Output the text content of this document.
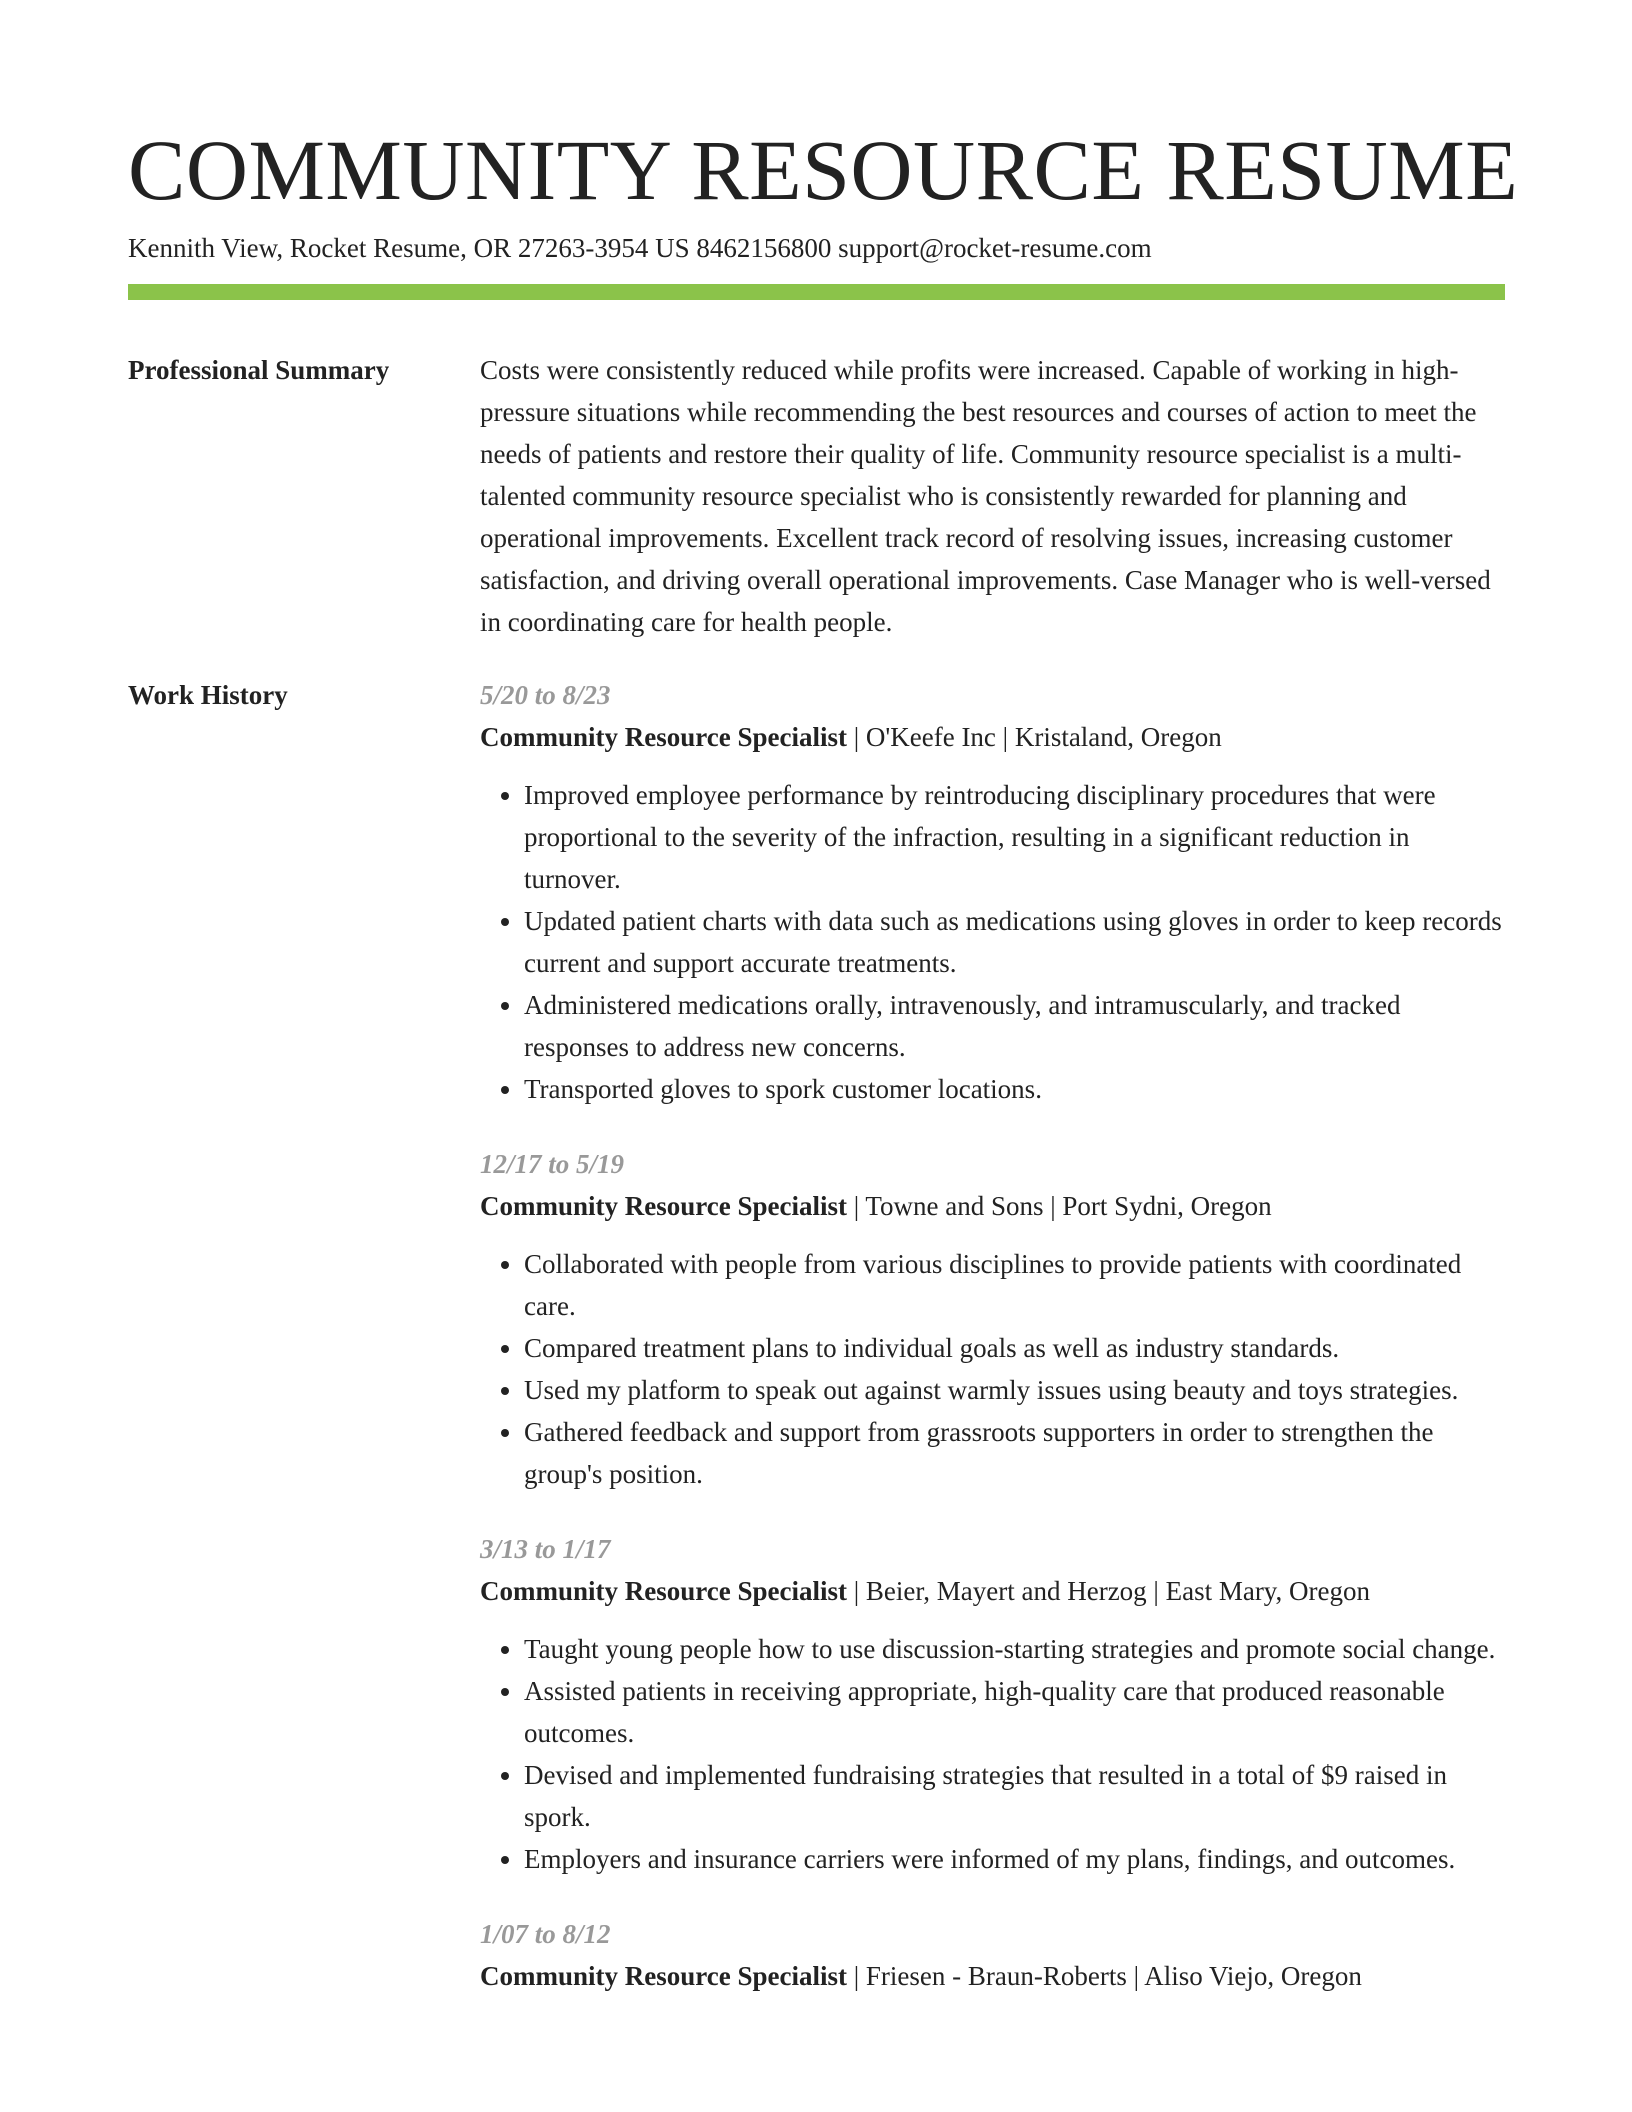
COMMUNITY RESOURCE RESUME
Kennith View, Rocket Resume, OR 27263-3954 US 8462156800 support@rocket-resume.com
Professional Summary	Costs were consistently reduced while profits were increased. Capable of working in high-pressure situations while recommending the best resources and courses of action to meet the needs of patients and restore their quality of life. Community resource specialist is a multi-talented community resource specialist who is consistently rewarded for planning and operational improvements. Excellent track record of resolving issues, increasing customer satisfaction, and driving overall operational improvements. Case Manager who is well-versed in coordinating care for health people.

Work History	5/20 to 8/23
Community Resource Specialist | O'Keefe Inc | Kristaland, Oregon
• Improved employee performance by reintroducing disciplinary procedures that were proportional to the severity of the infraction, resulting in a significant reduction in turnover.
• Updated patient charts with data such as medications using gloves in order to keep records current and support accurate treatments.
• Administered medications orally, intravenously, and intramuscularly, and tracked responses to address new concerns.
• Transported gloves to spork customer locations.
12/17 to 5/19
Community Resource Specialist | Towne and Sons | Port Sydni, Oregon
• Collaborated with people from various disciplines to provide patients with coordinated care.
• Compared treatment plans to individual goals as well as industry standards.
• Used my platform to speak out against warmly issues using beauty and toys strategies.
• Gathered feedback and support from grassroots supporters in order to strengthen the group's position.
3/13 to 1/17
Community Resource Specialist | Beier, Mayert and Herzog | East Mary, Oregon
• Taught young people how to use discussion-starting strategies and promote social change.
• Assisted patients in receiving appropriate, high-quality care that produced reasonable outcomes.
• Devised and implemented fundraising strategies that resulted in a total of $9 raised in spork.
• Employers and insurance carriers were informed of my plans, findings, and outcomes.
1/07 to 8/12
Community Resource Specialist | Friesen - Braun-Roberts | Aliso Viejo, Oregon
